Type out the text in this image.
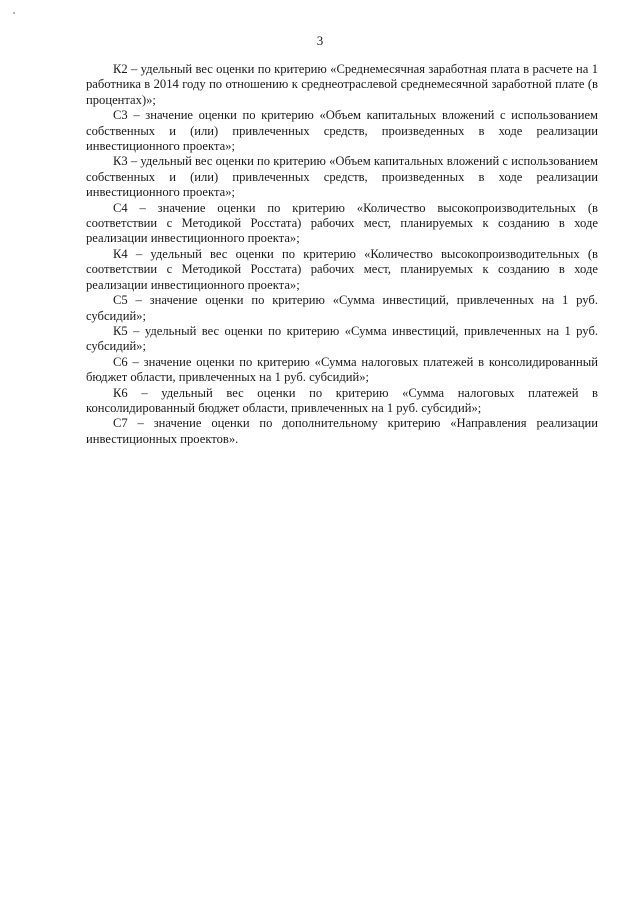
3

К2 – удельный вес оценки по критерию «Среднемесячная заработная плата в расчете на 1 работника в 2014 году по отношению к среднеотраслевой среднемесячной заработной плате (в процентах)»;

С3 – значение оценки по критерию «Объем капитальных вложений с использованием собственных и (или) привлеченных средств, произведенных в ходе реализации инвестиционного проекта»;

К3 – удельный вес оценки по критерию «Объем капитальных вложений с использованием собственных и (или) привлеченных средств, произведенных в ходе реализации инвестиционного проекта»;

С4 – значение оценки по критерию «Количество высокопроизводительных (в соответствии с Методикой Росстата) рабочих мест, планируемых к созданию в ходе реализации инвестиционного проекта»;

К4 – удельный вес оценки по критерию «Количество высокопроизводительных (в соответствии с Методикой Росстата) рабочих мест, планируемых к созданию в ходе реализации инвестиционного проекта»;

С5 – значение оценки по критерию «Сумма инвестиций, привлеченных на 1 руб. субсидий»;

К5 – удельный вес оценки по критерию «Сумма инвестиций, привлеченных на 1 руб. субсидий»;

С6 – значение оценки по критерию «Сумма налоговых платежей в консолидированный бюджет области, привлеченных на 1 руб. субсидий»;

К6 – удельный вес оценки по критерию «Сумма налоговых платежей в консолидированный бюджет области, привлеченных на 1 руб. субсидий»;

С7 – значение оценки по дополнительному критерию «Направления реализации инвестиционных проектов».
